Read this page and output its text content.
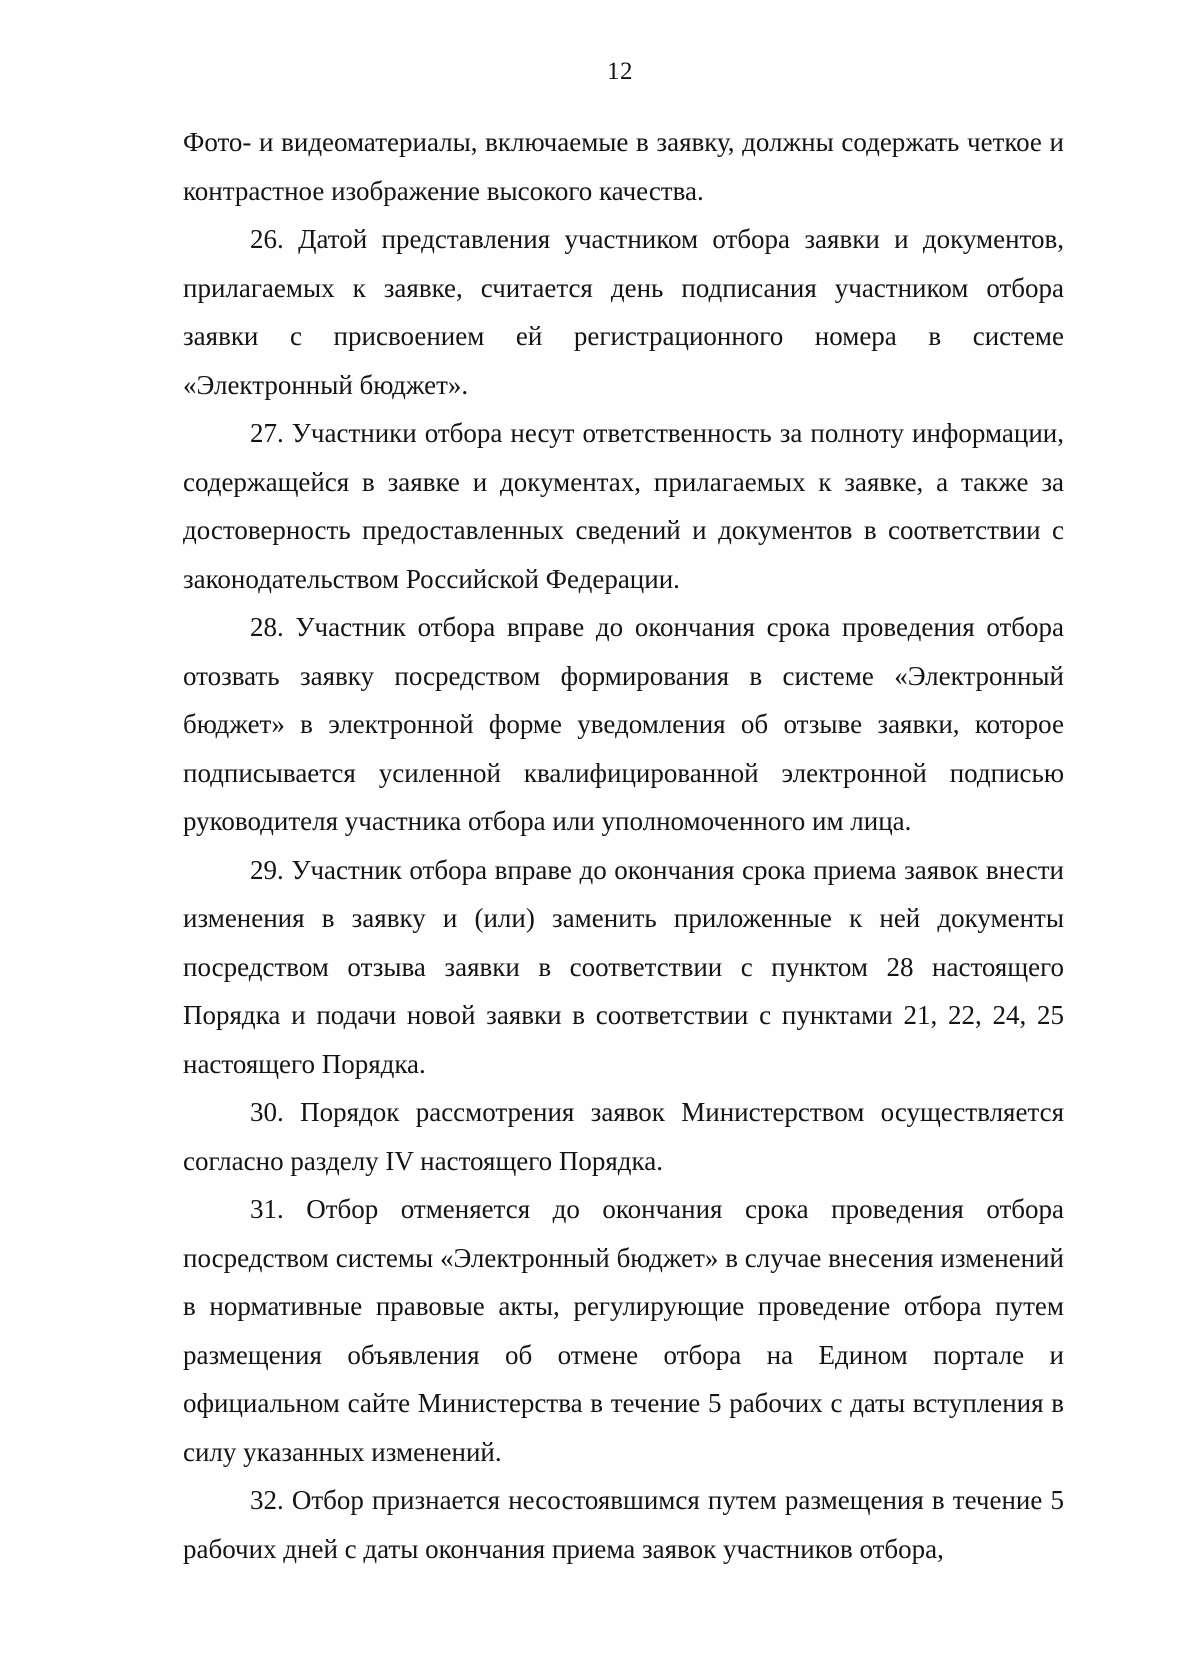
12

Фото- и видеоматериалы, включаемые в заявку, должны содержать четкое и контрастное изображение высокого качества.

26. Датой представления участником отбора заявки и документов, прилагаемых к заявке, считается день подписания участником отбора заявки с присвоением ей регистрационного номера в системе «Электронный бюджет».

27. Участники отбора несут ответственность за полноту информации, содержащейся в заявке и документах, прилагаемых к заявке, а также за достоверность предоставленных сведений и документов в соответствии с законодательством Российской Федерации.

28. Участник отбора вправе до окончания срока проведения отбора отозвать заявку посредством формирования в системе «Электронный бюджет» в электронной форме уведомления об отзыве заявки, которое подписывается усиленной квалифицированной электронной подписью руководителя участника отбора или уполномоченного им лица.

29. Участник отбора вправе до окончания срока приема заявок внести изменения в заявку и (или) заменить приложенные к ней документы посредством отзыва заявки в соответствии с пунктом 28 настоящего Порядка и подачи новой заявки в соответствии с пунктами 21, 22, 24, 25 настоящего Порядка.

30. Порядок рассмотрения заявок Министерством осуществляется согласно разделу IV настоящего Порядка.

31. Отбор отменяется до окончания срока проведения отбора посредством системы «Электронный бюджет» в случае внесения изменений в нормативные правовые акты, регулирующие проведение отбора путем размещения объявления об отмене отбора на Едином портале и официальном сайте Министерства в течение 5 рабочих с даты вступления в силу указанных изменений.

32. Отбор признается несостоявшимся путем размещения в течение 5 рабочих дней с даты окончания приема заявок участников отбора,
